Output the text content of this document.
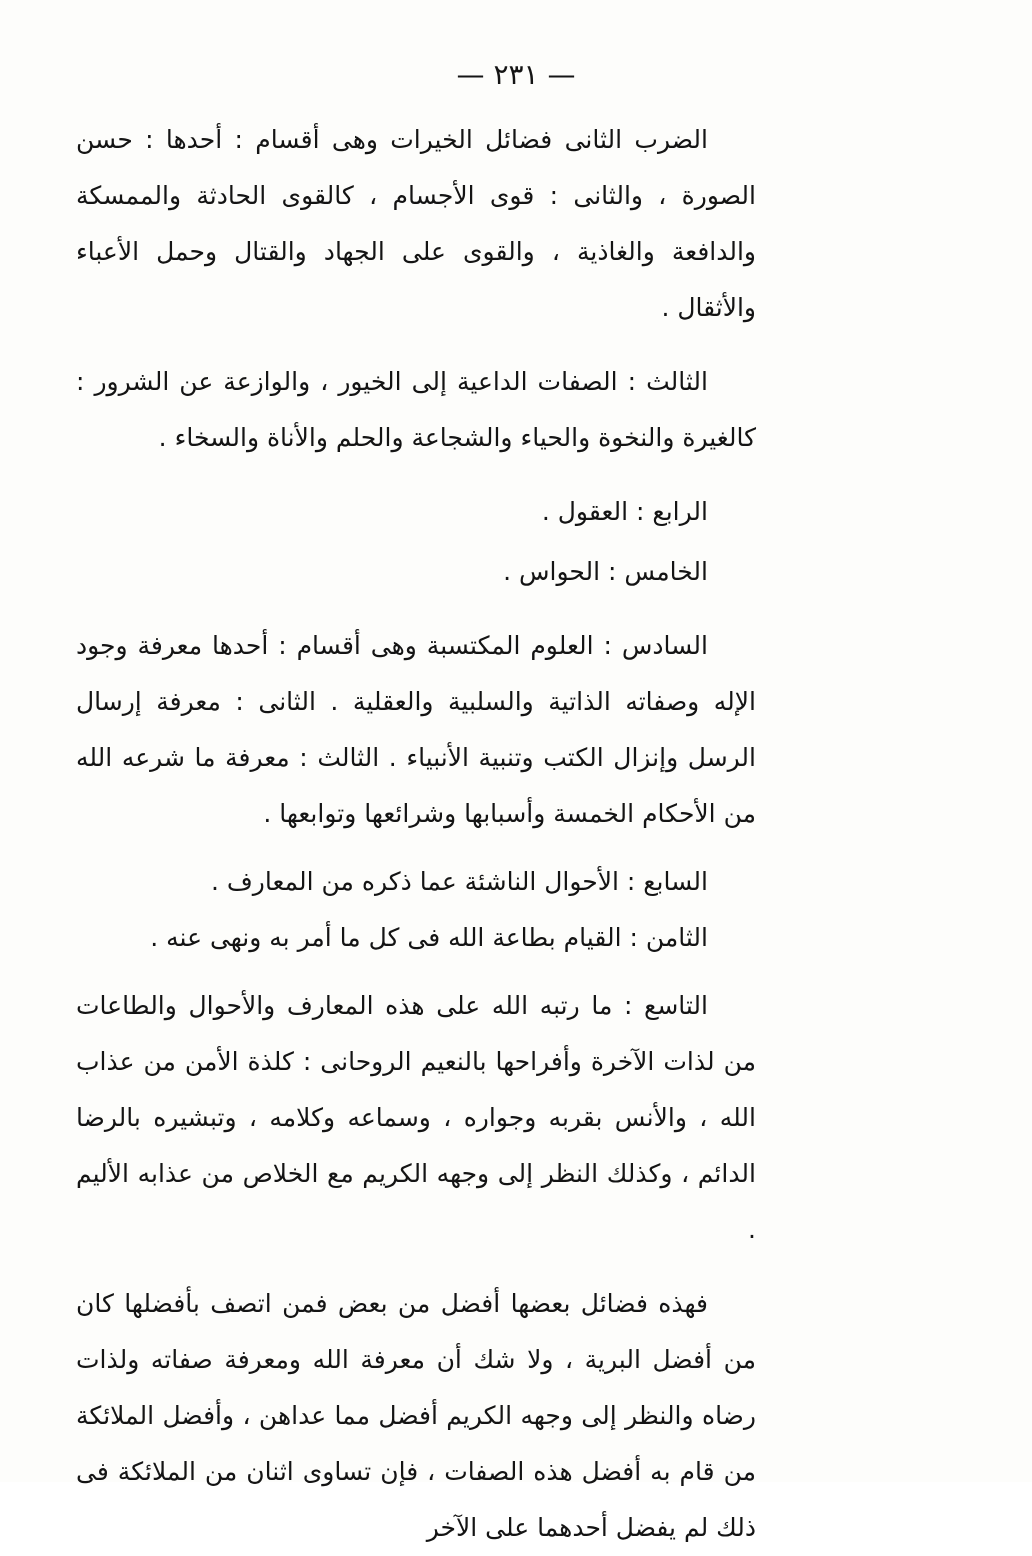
— ٢٣١ —

الضرب الثانى فضائل الخيرات وهى أقسام : أحدها : حسن الصورة ، والثانى : قوى الأجسام ، كالقوى الحادثة والممسكة والدافعة والغاذية ، والقوى على الجهاد والقتال وحمل الأعباء والأثقال .

الثالث : الصفات الداعية إلى الخيور ، والوازعة عن الشرور : كالغيرة والنخوة والحياء والشجاعة والحلم والأناة والسخاء .

الرابع : العقول .

الخامس : الحواس .

السادس : العلوم المكتسبة وهى أقسام : أحدها معرفة وجود الإله وصفاته الذاتية والسلبية والعقلية . الثانى : معرفة إرسال الرسل وإنزال الكتب وتنبية الأنبياء . الثالث : معرفة ما شرعه الله من الأحكام الخمسة وأسبابها وشرائعها وتوابعها .

السابع : الأحوال الناشئة عما ذكره من المعارف .

الثامن : القيام بطاعة الله فى كل ما أمر به ونهى عنه .

التاسع : ما رتبه الله على هذه المعارف والأحوال والطاعات من لذات الآخرة وأفراحها بالنعيم الروحانى : كلذة الأمن من عذاب الله ، والأنس بقربه وجواره ، وسماعه وكلامه ، وتبشيره بالرضا الدائم ، وكذلك النظر إلى وجهه الكريم مع الخلاص من عذابه الأليم .

فهذه فضائل بعضها أفضل من بعض فمن اتصف بأفضلها كان من أفضل البرية ، ولا شك أن معرفة الله ومعرفة صفاته ولذات رضاه والنظر إلى وجهه الكريم أفضل مما عداهن ، وأفضل الملائكة من قام به أفضل هذه الصفات ، فإن تساوى اثنان من الملائكة فى ذلك لم يفضل أحدهما على الآخر
